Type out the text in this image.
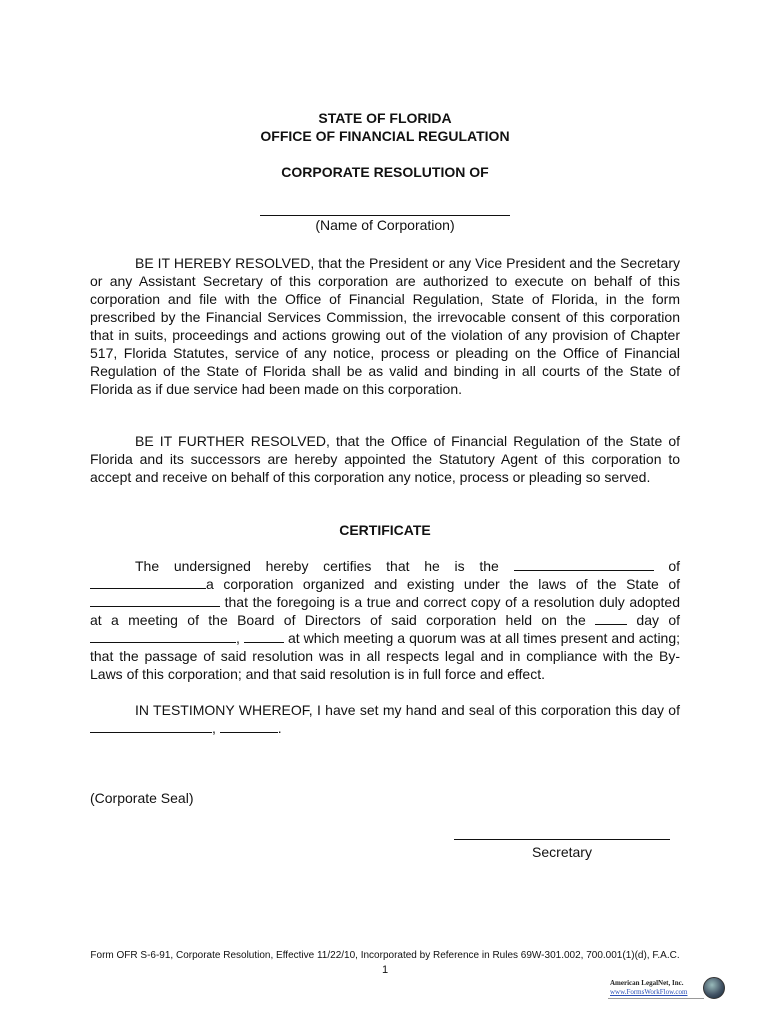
STATE OF FLORIDA
OFFICE OF FINANCIAL REGULATION
CORPORATE RESOLUTION OF
(Name of Corporation)
BE IT HEREBY RESOLVED, that the President or any Vice President and the Secretary or any Assistant Secretary of this corporation are authorized to execute on behalf of this corporation and file with the Office of Financial Regulation, State of Florida, in the form prescribed by the Financial Services Commission, the irrevocable consent of this corporation that in suits, proceedings and actions growing out of the violation of any provision of Chapter 517, Florida Statutes, service of any notice, process or pleading on the Office of Financial Regulation of the State of Florida shall be as valid and binding in all courts of the State of Florida as if due service had been made on this corporation.
BE IT FURTHER RESOLVED, that the Office of Financial Regulation of the State of Florida and its successors are hereby appointed the Statutory Agent of this corporation to accept and receive on behalf of this corporation any notice, process or pleading so served.
CERTIFICATE
The undersigned hereby certifies that he is the	of a corporation organized and existing under the laws of the State of  that the foregoing is a true and correct copy of a resolution duly adopted at a meeting of the Board of Directors of said corporation held on the	day of ,	at which meeting a quorum was at all times present and acting; that the passage of said resolution was in all respects legal and in compliance with the By-Laws of this corporation; and that said resolution is in full force and effect.
IN TESTIMONY WHEREOF, I have set my hand and seal of this corporation this day of ,	.
(Corporate Seal)
Secretary
Form OFR S-6-91, Corporate Resolution, Effective 11/22/10, Incorporated by Reference in Rules 69W-301.002, 700.001(1)(d), F.A.C.
1
American LegalNet, Inc.
www.FormsWorkFlow.com
